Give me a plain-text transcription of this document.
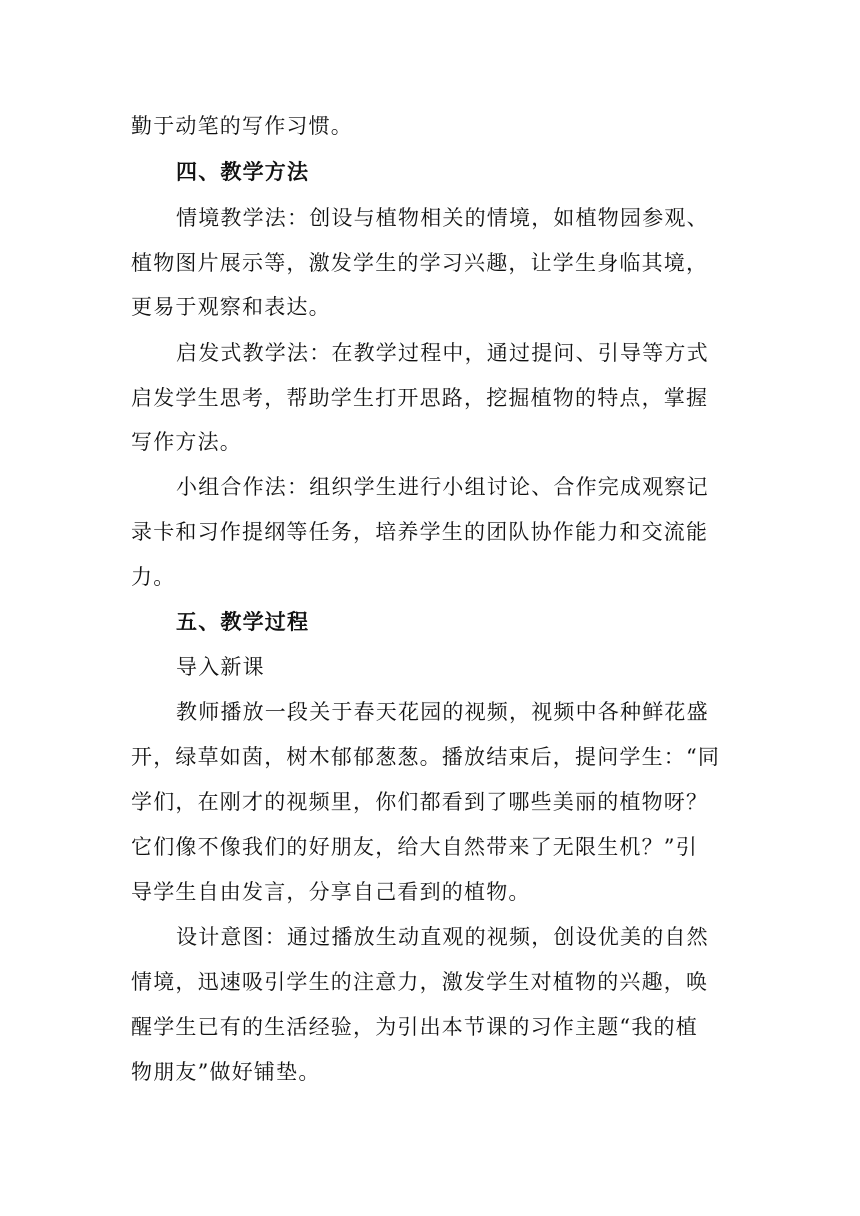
勤于动笔的写作习惯。
四、教学方法
情境教学法：创设与植物相关的情境，如植物园参观、
植物图片展示等，激发学生的学习兴趣，让学生身临其境，
更易于观察和表达。
启发式教学法：在教学过程中，通过提问、引导等方式
启发学生思考，帮助学生打开思路，挖掘植物的特点，掌握
写作方法。
小组合作法：组织学生进行小组讨论、合作完成观察记
录卡和习作提纲等任务，培养学生的团队协作能力和交流能
力。
五、教学过程
导入新课
教师播放一段关于春天花园的视频，视频中各种鲜花盛
开，绿草如茵，树木郁郁葱葱。播放结束后，提问学生：“同
学们，在刚才的视频里，你们都看到了哪些美丽的植物呀？
它们像不像我们的好朋友，给大自然带来了无限生机？”引
导学生自由发言，分享自己看到的植物。
设计意图：通过播放生动直观的视频，创设优美的自然
情境，迅速吸引学生的注意力，激发学生对植物的兴趣，唤
醒学生已有的生活经验，为引出本节课的习作主题“我的植
物朋友”做好铺垫。
